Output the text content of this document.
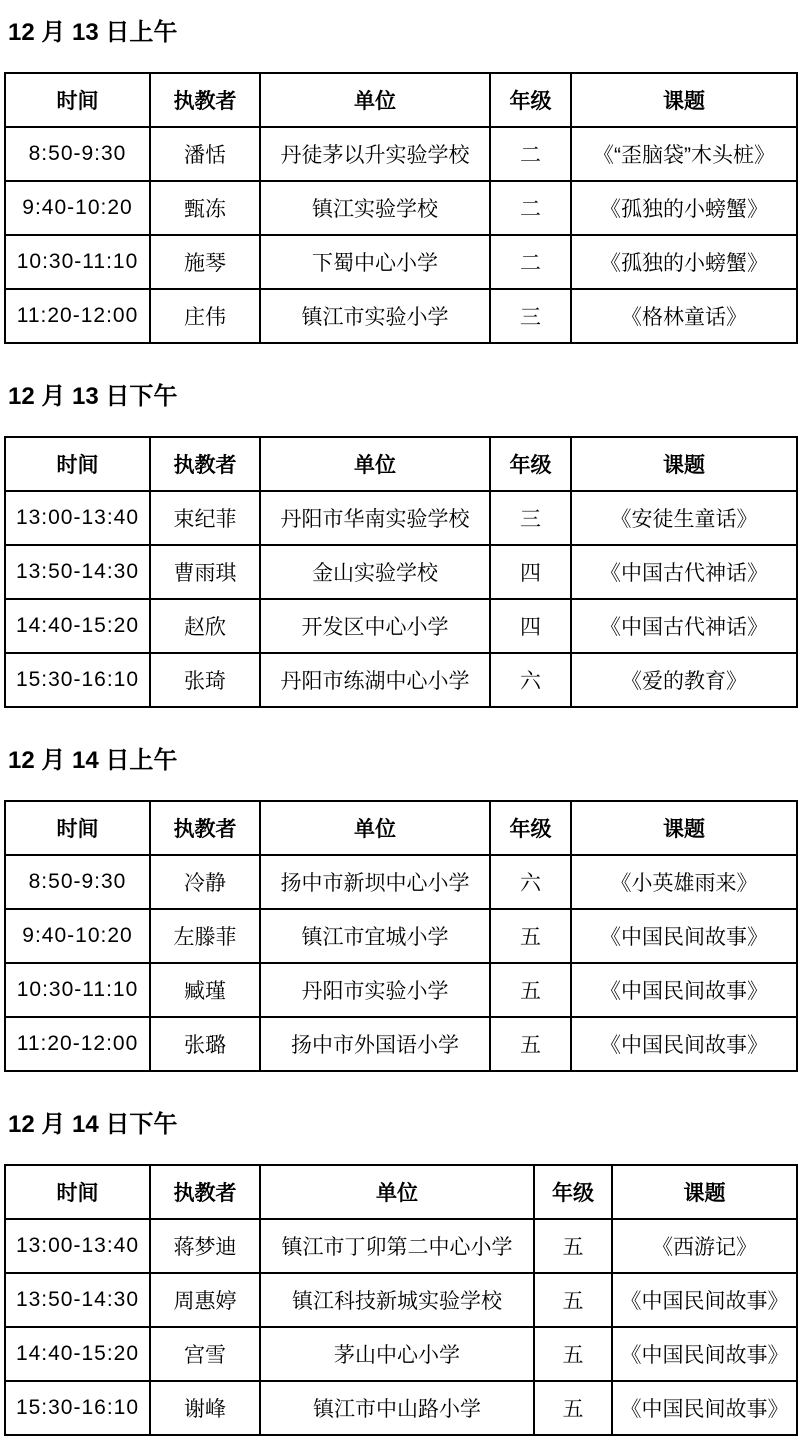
12 月 13 日上午
时间	执教者	单位	年级	课题
8:50-9:30	潘恬	丹徒茅以升实验学校	二	《“歪脑袋”木头桩》
9:40-10:20	甄冻	镇江实验学校	二	《孤独的小螃蟹》
10:30-11:10	施琴	下蜀中心小学	二	《孤独的小螃蟹》
11:20-12:00	庄伟	镇江市实验小学	三	《格林童话》
12 月 13 日下午
时间	执教者	单位	年级	课题
13:00-13:40	束纪菲	丹阳市华南实验学校	三	《安徒生童话》
13:50-14:30	曹雨琪	金山实验学校	四	《中国古代神话》
14:40-15:20	赵欣	开发区中心小学	四	《中国古代神话》
15:30-16:10	张琦	丹阳市练湖中心小学	六	《爱的教育》
12 月 14 日上午
时间	执教者	单位	年级	课题
8:50-9:30	冷静	扬中市新坝中心小学	六	《小英雄雨来》
9:40-10:20	左滕菲	镇江市宜城小学	五	《中国民间故事》
10:30-11:10	臧瑾	丹阳市实验小学	五	《中国民间故事》
11:20-12:00	张璐	扬中市外国语小学	五	《中国民间故事》
12 月 14 日下午
时间	执教者	单位	年级	课题
13:00-13:40	蒋梦迪	镇江市丁卯第二中心小学	五	《西游记》
13:50-14:30	周惠婷	镇江科技新城实验学校	五	《中国民间故事》
14:40-15:20	宫雪	茅山中心小学	五	《中国民间故事》
15:30-16:10	谢峰	镇江市中山路小学	五	《中国民间故事》
